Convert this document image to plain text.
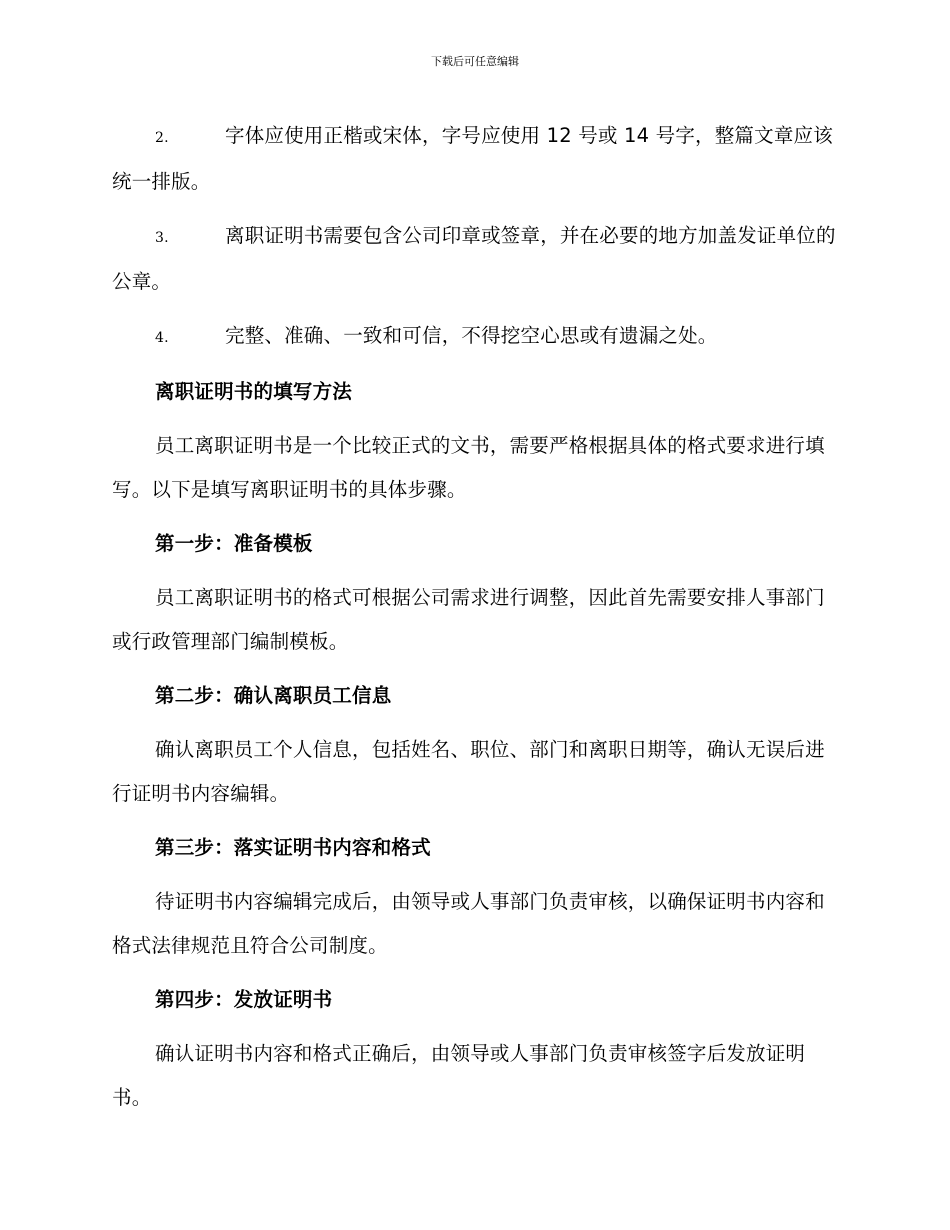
下载后可任意编辑

2.	字体应使用正楷或宋体，字号应使用 12 号或 14 号字，整篇文章应该统一排版。

3.	离职证明书需要包含公司印章或签章，并在必要的地方加盖发证单位的公章。

4.	完整、准确、一致和可信，不得挖空心思或有遗漏之处。

离职证明书的填写方法

员工离职证明书是一个比较正式的文书，需要严格根据具体的格式要求进行填写。以下是填写离职证明书的具体步骤。

第一步：准备模板

员工离职证明书的格式可根据公司需求进行调整，因此首先需要安排人事部门或行政管理部门编制模板。

第二步：确认离职员工信息

确认离职员工个人信息，包括姓名、职位、部门和离职日期等，确认无误后进行证明书内容编辑。

第三步：落实证明书内容和格式

待证明书内容编辑完成后，由领导或人事部门负责审核，以确保证明书内容和格式法律规范且符合公司制度。

第四步：发放证明书

确认证明书内容和格式正确后，由领导或人事部门负责审核签字后发放证明书。
